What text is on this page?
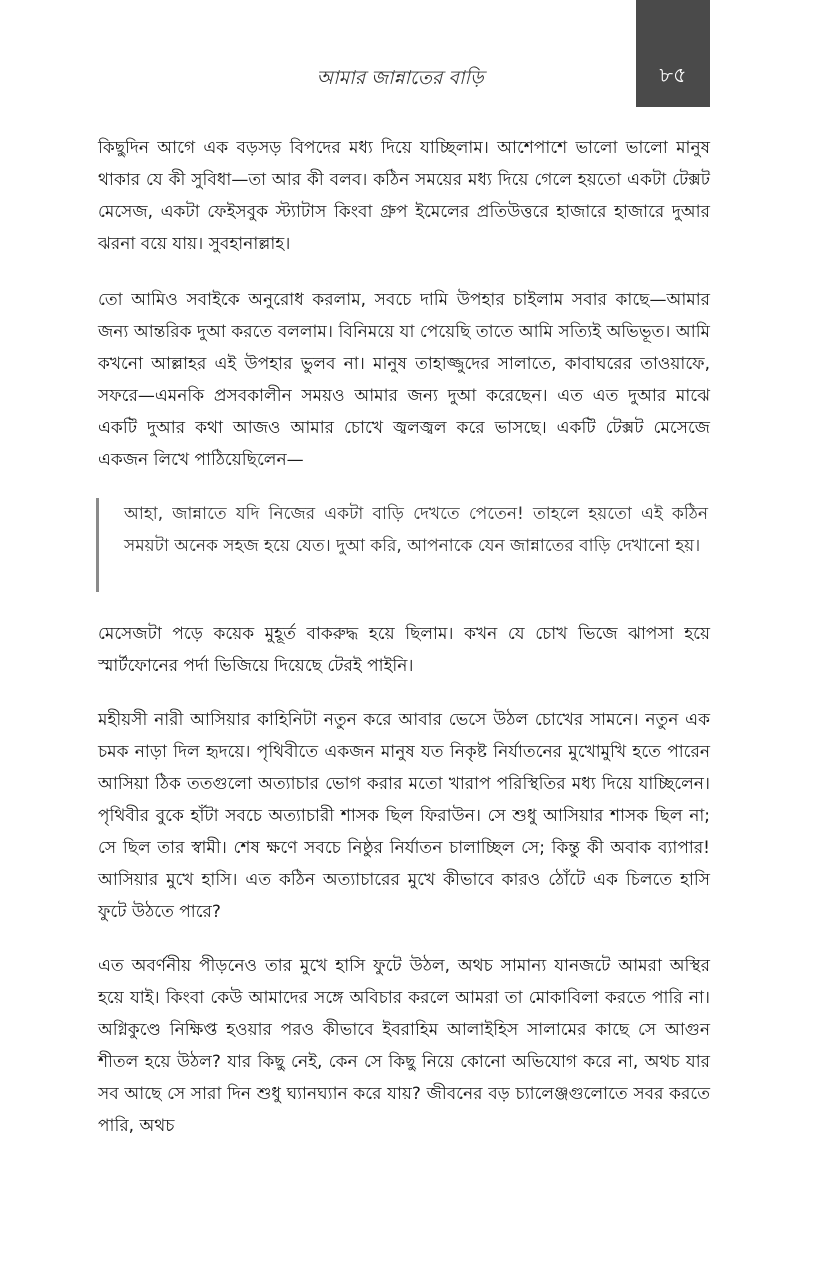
৮৫
আমার জান্নাতের বাড়ি

কিছুদিন আগে এক বড়সড় বিপদের মধ্য দিয়ে যাচ্ছিলাম। আশেপাশে ভালো ভালো মানুষ থাকার যে কী সুবিধা—তা আর কী বলব। কঠিন সময়ের মধ্য দিয়ে গেলে হয়তো একটা টেক্সট মেসেজ, একটা ফেইসবুক স্ট্যাটাস কিংবা গ্রুপ ইমেলের প্রতিউত্তরে হাজারে হাজারে দুআর ঝরনা বয়ে যায়। সুবহানাল্লাহ।

তো আমিও সবাইকে অনুরোধ করলাম, সবচে দামি উপহার চাইলাম সবার কাছে—আমার জন্য আন্তরিক দুআ করতে বললাম। বিনিময়ে যা পেয়েছি তাতে আমি সত্যিই অভিভূত। আমি কখনো আল্লাহর এই উপহার ভুলব না। মানুষ তাহাজ্জুদের সালাতে, কাবাঘরের তাওয়াফে, সফরে—এমনকি প্রসবকালীন সময়ও আমার জন্য দুআ করেছেন। এত এত দুআর মাঝে একটি দুআর কথা আজও আমার চোখে জ্বলজ্বল করে ভাসছে। একটি টেক্সট মেসেজে একজন লিখে পাঠিয়েছিলেন—

আহা, জান্নাতে যদি নিজের একটা বাড়ি দেখতে পেতেন! তাহলে হয়তো এই কঠিন সময়টা অনেক সহজ হয়ে যেত। দুআ করি, আপনাকে যেন জান্নাতের বাড়ি দেখানো হয়।

মেসেজটা পড়ে কয়েক মুহূর্ত বাকরুদ্ধ হয়ে ছিলাম। কখন যে চোখ ভিজে ঝাপসা হয়ে স্মার্টফোনের পর্দা ভিজিয়ে দিয়েছে টেরই পাইনি।

মহীয়সী নারী আসিয়ার কাহিনিটা নতুন করে আবার ভেসে উঠল চোখের সামনে। নতুন এক চমক নাড়া দিল হৃদয়ে। পৃথিবীতে একজন মানুষ যত নিকৃষ্ট নির্যাতনের মুখোমুখি হতে পারেন আসিয়া ঠিক ততগুলো অত্যাচার ভোগ করার মতো খারাপ পরিস্থিতির মধ্য দিয়ে যাচ্ছিলেন। পৃথিবীর বুকে হাঁটা সবচে অত্যাচারী শাসক ছিল ফিরাউন। সে শুধু আসিয়ার শাসক ছিল না; সে ছিল তার স্বামী। শেষ ক্ষণে সবচে নিষ্ঠুর নির্যাতন চালাচ্ছিল সে; কিন্তু কী অবাক ব্যাপার! আসিয়ার মুখে হাসি। এত কঠিন অত্যাচারের মুখে কীভাবে কারও ঠোঁটে এক চিলতে হাসি ফুটে উঠতে পারে?

এত অবর্ণনীয় পীড়নেও তার মুখে হাসি ফুটে উঠল, অথচ সামান্য যানজটে আমরা অস্থির হয়ে যাই। কিংবা কেউ আমাদের সঙ্গে অবিচার করলে আমরা তা মোকাবিলা করতে পারি না। অগ্নিকুণ্ডে নিক্ষিপ্ত হওয়ার পরও কীভাবে ইবরাহিম আলাইহিস সালামের কাছে সে আগুন শীতল হয়ে উঠল? যার কিছু নেই, কেন সে কিছু নিয়ে কোনো অভিযোগ করে না, অথচ যার সব আছে সে সারা দিন শুধু ঘ্যানঘ্যান করে যায়? জীবনের বড় চ্যালেঞ্জগুলোতে সবর করতে পারি, অথচ
